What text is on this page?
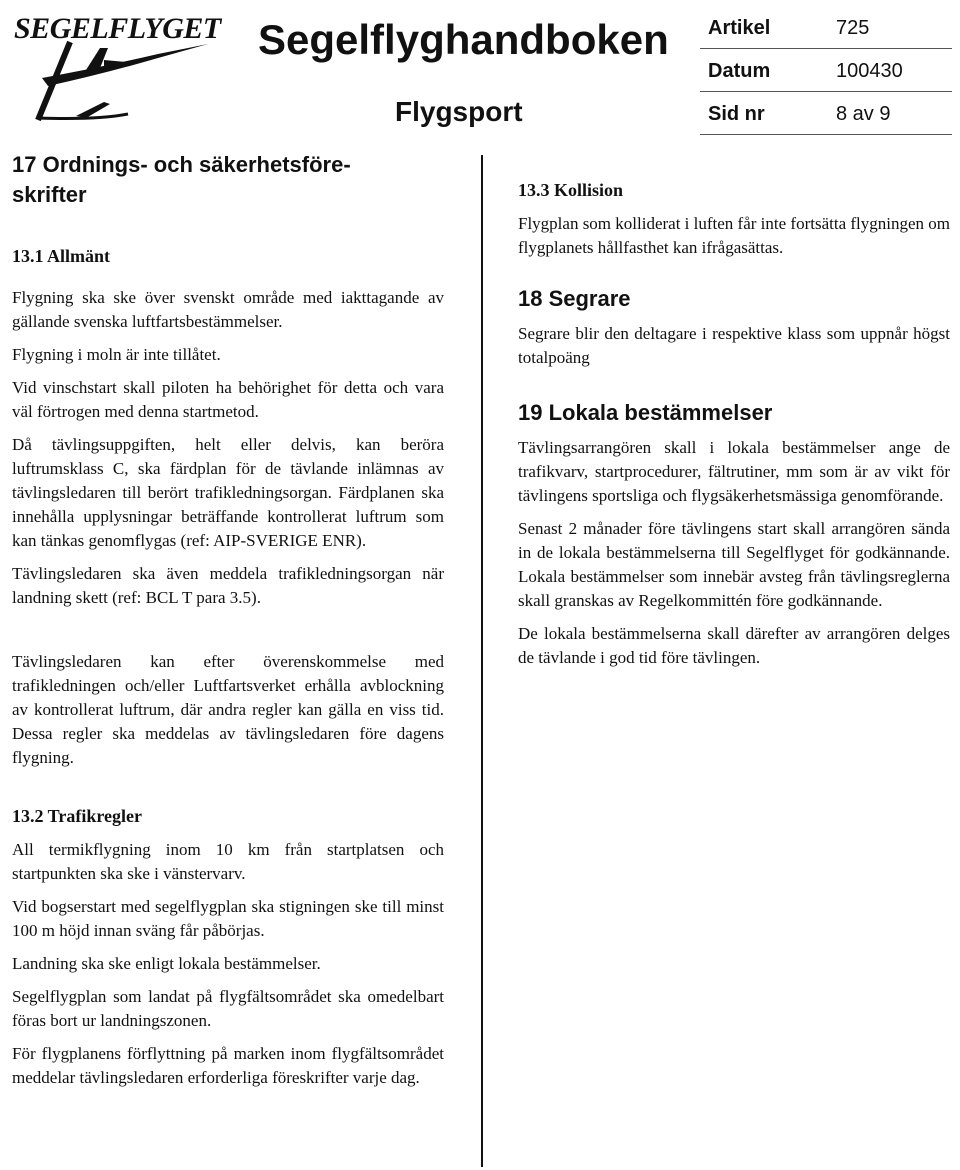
SEGELFLYGET Segelflyghandboken
Flygsport
Artikel	725
Datum	100430
Sid nr	8 av 9
17 Ordnings- och säkerhetsföre-
skrifter
13.1 Allmänt

Flygning ska ske över svenskt område med iakttagande av gällande svenska luftfartsbestämmelser.

Flygning i moln är inte tillåtet.

Vid vinschstart skall piloten ha behörighet för detta och vara väl förtrogen med denna startmetod.

Då tävlingsuppgiften, helt eller delvis, kan beröra luftrumsklass C, ska färdplan för de tävlande inlämnas av tävlingsledaren till berört trafikledningsorgan. Färdplanen ska innehålla upplysningar beträffande kontrollerat luftrum som kan tänkas genomflygas (ref: AIP-SVERIGE ENR).

Tävlingsledaren ska även meddela trafikledningsorgan när landning skett (ref: BCL T para 3.5).

Tävlingsledaren kan efter överenskommelse med trafikledningen och/eller Luftfartsverket erhålla avblockning av kontrollerat luftrum, där andra regler kan gälla en viss tid. Dessa regler ska meddelas av tävlingsledaren före dagens flygning.

13.2 Trafikregler

All termikflygning inom 10 km från startplatsen och startpunkten ska ske i vänstervarv.

Vid bogserstart med segelflygplan ska stigningen ske till minst 100 m höjd innan sväng får påbörjas.

Landning ska ske enligt lokala bestämmelser.

Segelflygplan som landat på flygfältsområdet ska omedelbart föras bort ur landningszonen.

För flygplanens förflyttning på marken inom flygfältsområdet meddelar tävlingsledaren erforderliga föreskrifter varje dag.

13.3 Kollision

Flygplan som kolliderat i luften får inte fortsätta flygningen om flygplanets hållfasthet kan ifrågasättas.

18 Segrare

Segrare blir den deltagare i respektive klass som uppnår högst totalpoäng

19 Lokala bestämmelser

Tävlingsarrangören skall i lokala bestämmelser ange de trafikvarv, startprocedurer, fältrutiner, mm som är av vikt för tävlingens sportsliga och flygsäkerhetsmässiga genomförande.

Senast 2 månader före tävlingens start skall arrangören sända in de lokala bestämmelserna till Segelflyget för godkännande. Lokala bestämmelser som innebär avsteg från tävlingsreglerna skall granskas av Regelkommittén före godkännande.

De lokala bestämmelserna skall därefter av arrangören delges de tävlande i god tid före tävlingen.
